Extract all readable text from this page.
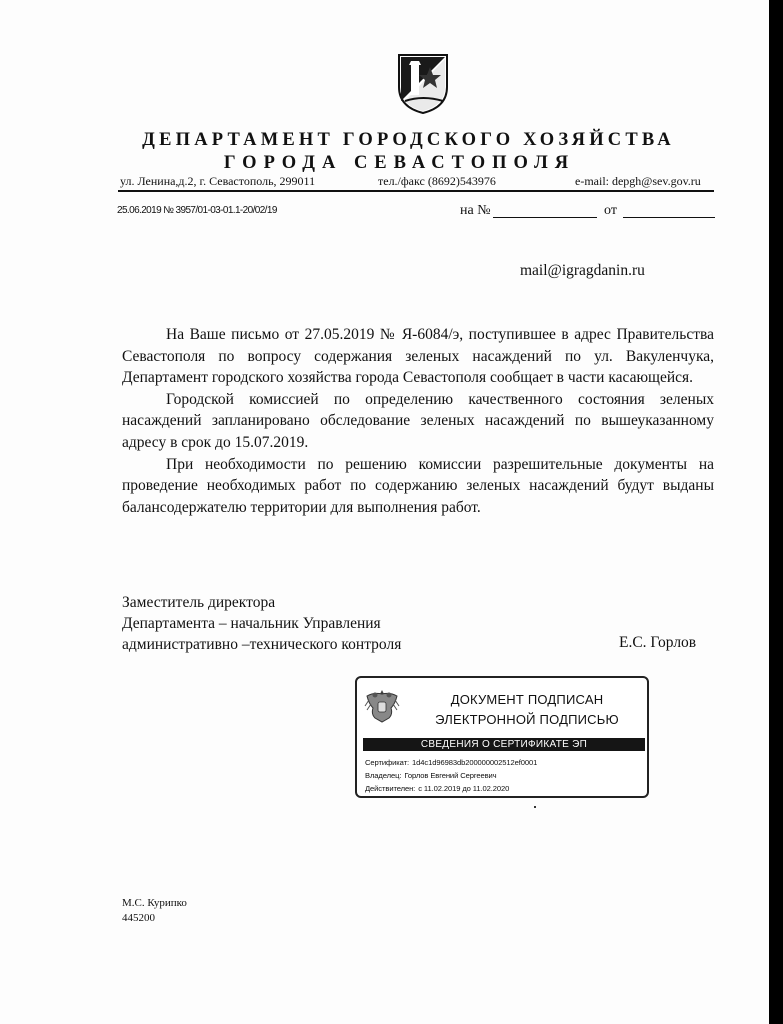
ДЕПАРТАМЕНТ ГОРОДСКОГО ХОЗЯЙСТВА
ГОРОДА СЕВАСТОПОЛЯ
ул. Ленина,д.2, г. Севастополь, 299011	тел./факс (8692)543976	e-mail: depgh@sev.gov.ru
25.06.2019 № 3957/01-03-01.1-20/02/19	на №	от
mail@igragdanin.ru

На Ваше письмо от 27.05.2019 № Я-6084/э, поступившее в адрес Правительства Севастополя по вопросу содержания зеленых насаждений по ул. Вакуленчука, Департамент городского хозяйства города Севастополя сообщает в части касающейся.

Городской комиссией по определению качественного состояния зеленых насаждений запланировано обследование зеленых насаждений по вышеуказанному адресу в срок до 15.07.2019.

При необходимости по решению комиссии разрешительные документы на проведение необходимых работ по содержанию зеленых насаждений будут выданы балансодержателю территории для выполнения работ.

Заместитель директора
Департамента – начальник Управления
административно –технического контроля	Е.С. Горлов
ДОКУМЕНТ ПОДПИСАН
ЭЛЕКТРОННОЙ ПОДПИСЬЮ
СВЕДЕНИЯ О СЕРТИФИКАТЕ ЭП
Сертификат: 1d4c1d96983db200000002512ef0001
Владелец: Горлов Евгений Сергеевич
Действителен: с 11.02.2019 до 11.02.2020
М.С. Курипко
445200
